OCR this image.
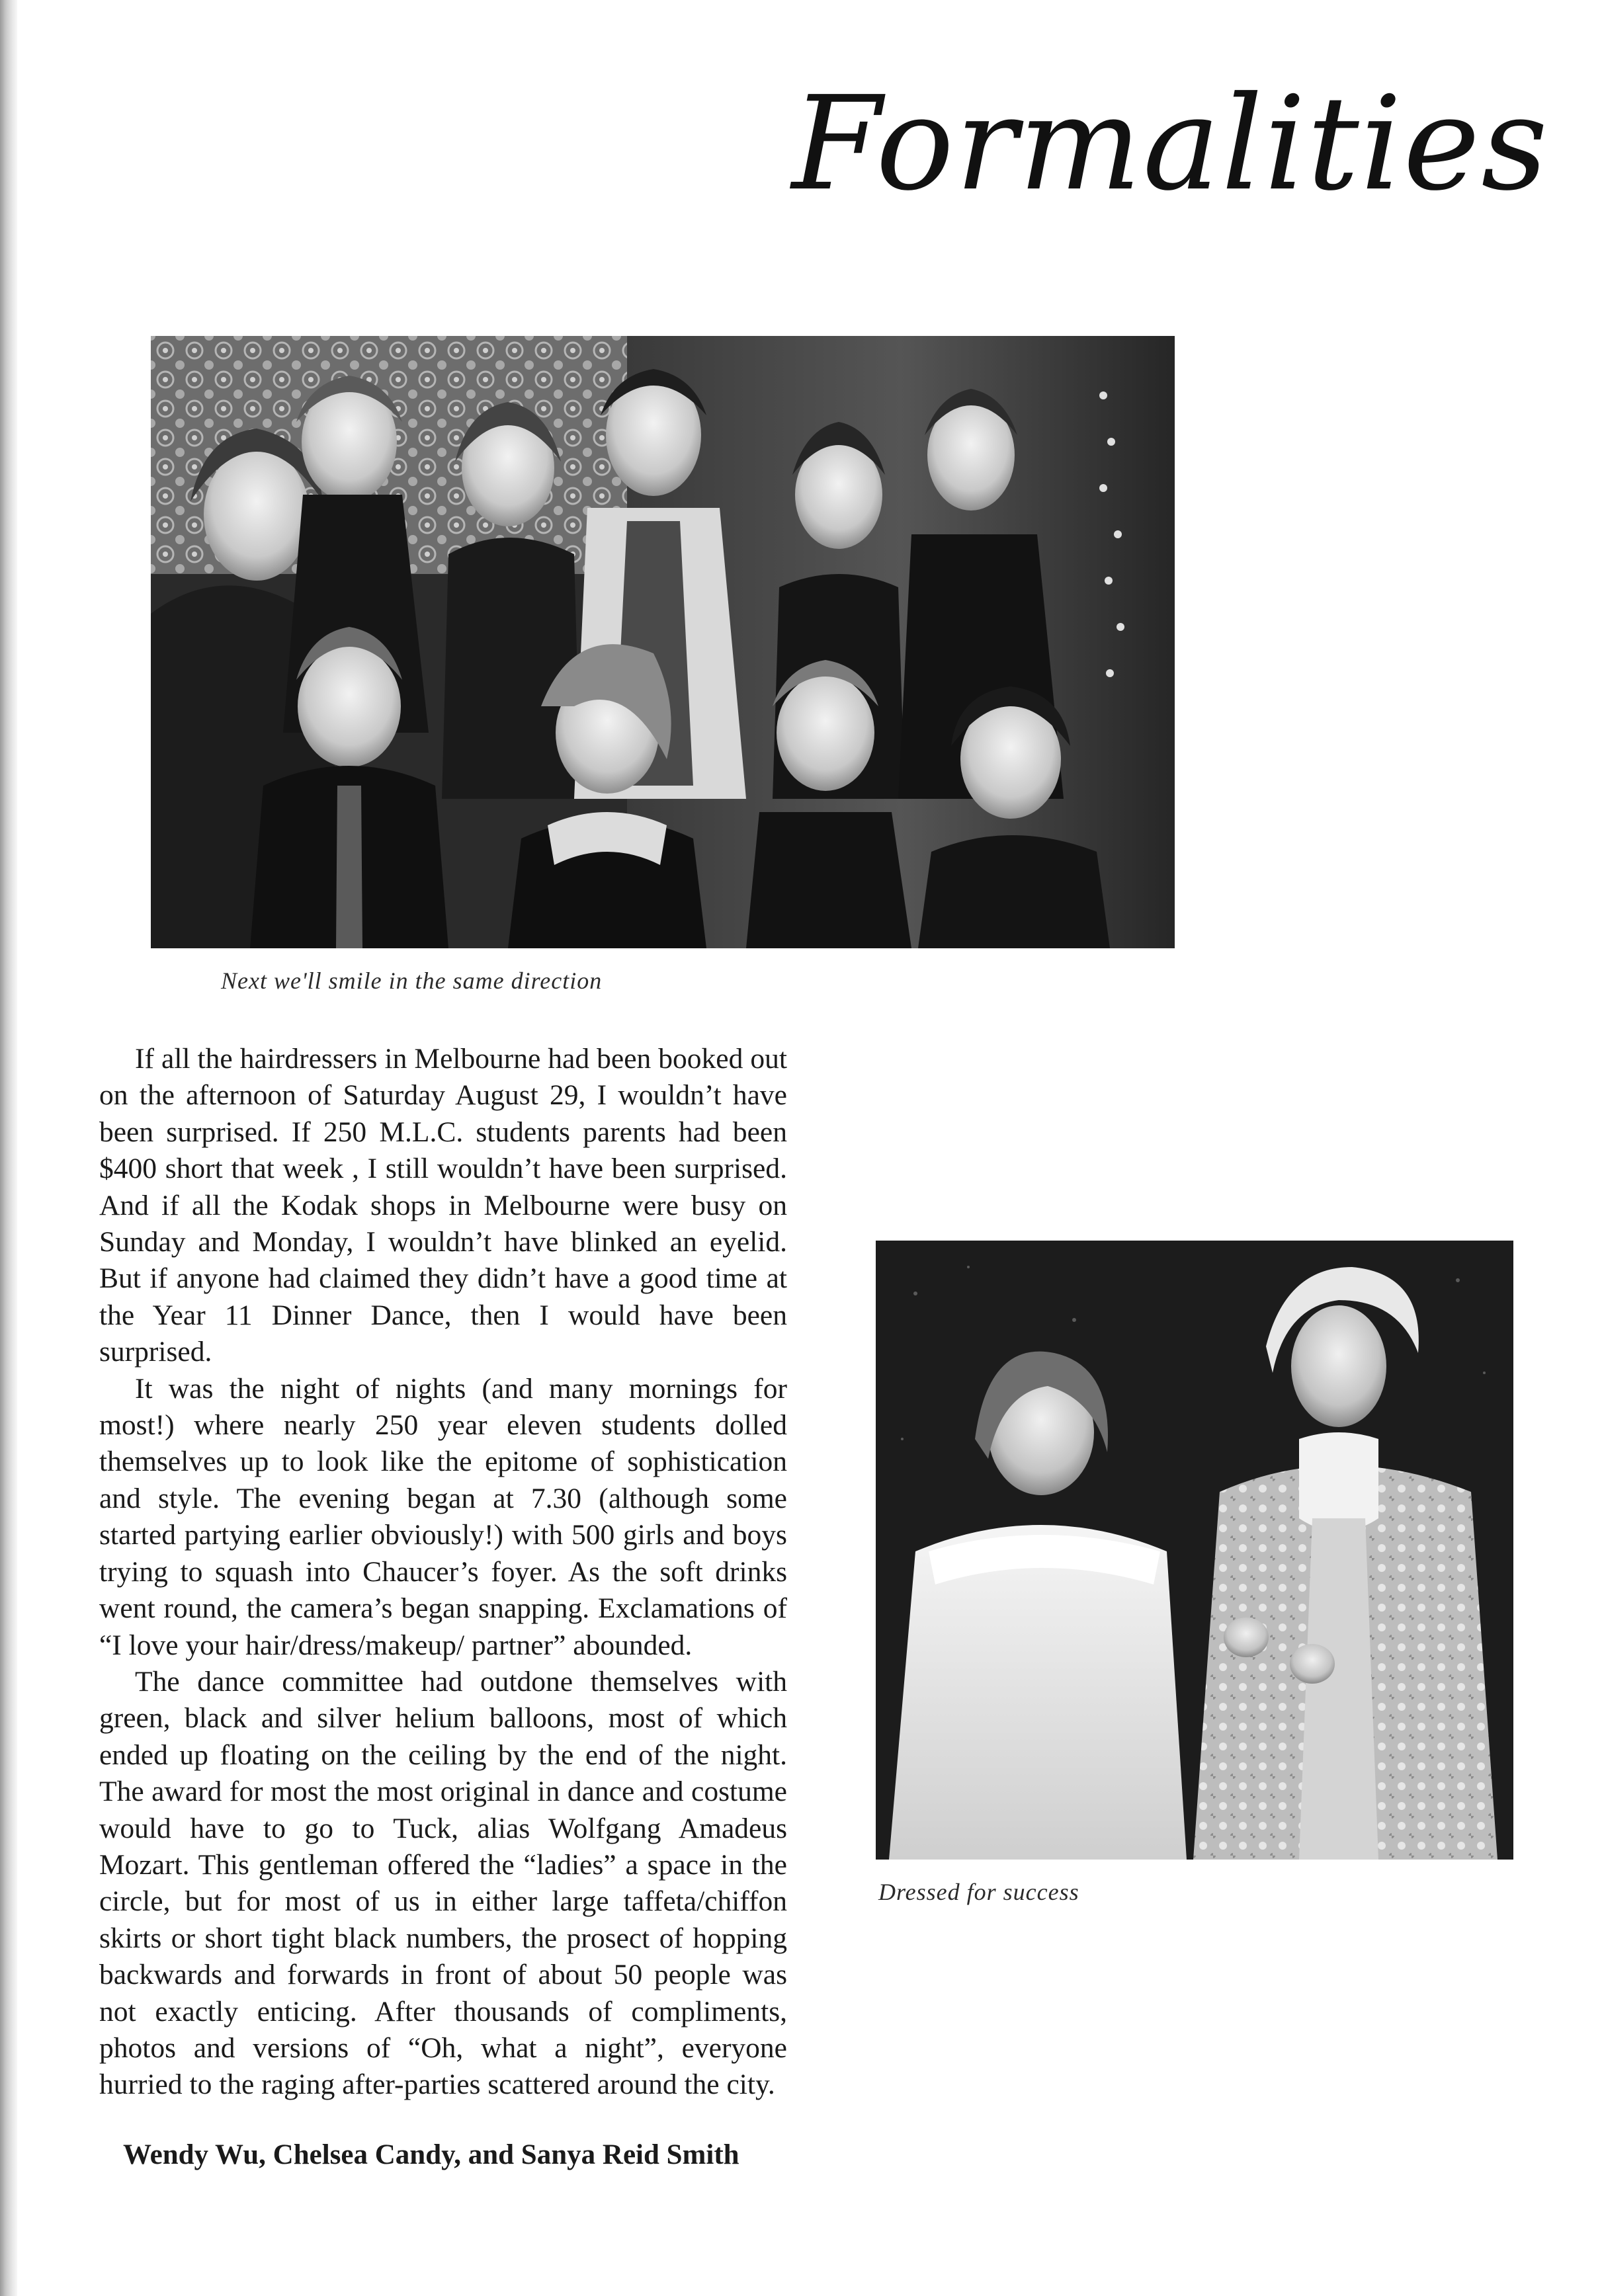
Formalities
Next we'll smile in the same direction

If all the hairdressers in Melbourne had been booked out on the afternoon of Saturday August 29, I wouldn’t have been surprised. If 250 M.L.C. students parents had been $400 short that week , I still wouldn’t have been surprised. And if all the Kodak shops in Melbourne were busy on Sunday and Monday, I wouldn’t have blinked an eyelid. But if anyone had claimed they didn’t have a good time at the Year 11 Dinner Dance, then I would have been surprised.

It was the night of nights (and many mornings for most!) where nearly 250 year eleven students dolled themselves up to look like the epitome of sophistication and style. The evening began at 7.30 (although some started partying earlier obviously!) with 500 girls and boys trying to squash into Chaucer’s foyer. As the soft drinks went round, the camera’s began snapping. Exclamations of “I love your hair/dress/makeup/ partner” abounded.

The dance committee had outdone themselves with green, black and silver helium balloons, most of which ended up floating on the ceiling by the end of the night. The award for most the most original in dance and costume would have to go to Tuck, alias Wolfgang Amadeus Mozart. This gentleman offered the “ladies” a space in the circle, but for most of us in either large taffeta/chiffon skirts or short tight black numbers, the prosect of hopping backwards and forwards in front of about 50 people was not exactly enticing. After thousands of compliments, photos and versions of “Oh, what a night”, everyone hurried to the raging after-parties scattered around the city.

Wendy Wu, Chelsea Candy, and Sanya Reid Smith
Dressed for success
